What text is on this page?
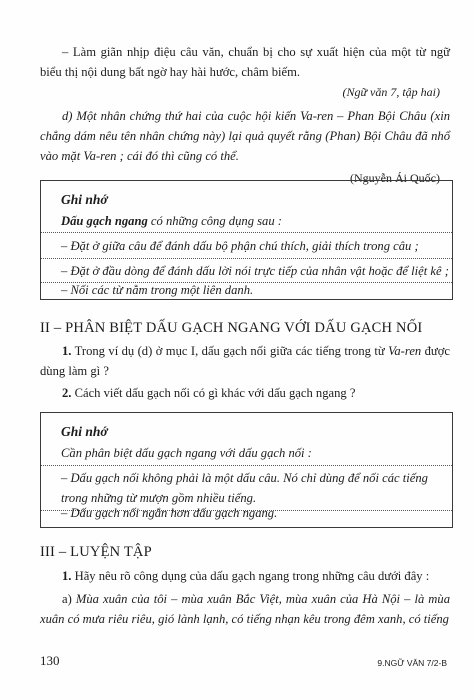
– Làm giãn nhịp điệu câu văn, chuẩn bị cho sự xuất hiện của một từ ngữ biểu thị nội dung bất ngờ hay hài hước, châm biếm.

(Ngữ văn 7, tập hai)

d) Một nhân chứng thứ hai của cuộc hội kiến Va-ren – Phan Bội Châu (xin chẳng dám nêu tên nhân chứng này) lại quả quyết rằng (Phan) Bội Châu đã nhổ vào mặt Va-ren ; cái đó thì cũng có thể.

(Nguyễn Ái Quốc)

Ghi nhớ

Dấu gạch ngang có những công dụng sau :

– Đặt ở giữa câu để đánh dấu bộ phận chú thích, giải thích trong câu ;

– Đặt ở đầu dòng để đánh dấu lời nói trực tiếp của nhân vật hoặc để liệt kê ;

– Nối các từ nằm trong một liên danh.

II – PHÂN BIỆT DẤU GẠCH NGANG VỚI DẤU GẠCH NỐI

1. Trong ví dụ (d) ở mục I, dấu gạch nối giữa các tiếng trong từ Va-ren được dùng làm gì ?

2. Cách viết dấu gạch nối có gì khác với dấu gạch ngang ?

Ghi nhớ

Cần phân biệt dấu gạch ngang với dấu gạch nối :

– Dấu gạch nối không phải là một dấu câu. Nó chỉ dùng để nối các tiếng trong những từ mượn gồm nhiều tiếng.

– Dấu gạch nối ngắn hơn dấu gạch ngang.

III – LUYỆN TẬP

1. Hãy nêu rõ công dụng của dấu gạch ngang trong những câu dưới đây :

a) Mùa xuân của tôi – mùa xuân Bắc Việt, mùa xuân của Hà Nội – là mùa xuân có mưa riêu riêu, gió lành lạnh, có tiếng nhạn kêu trong đêm xanh, có tiếng

130	9.NGỮ VĂN 7/2-B
